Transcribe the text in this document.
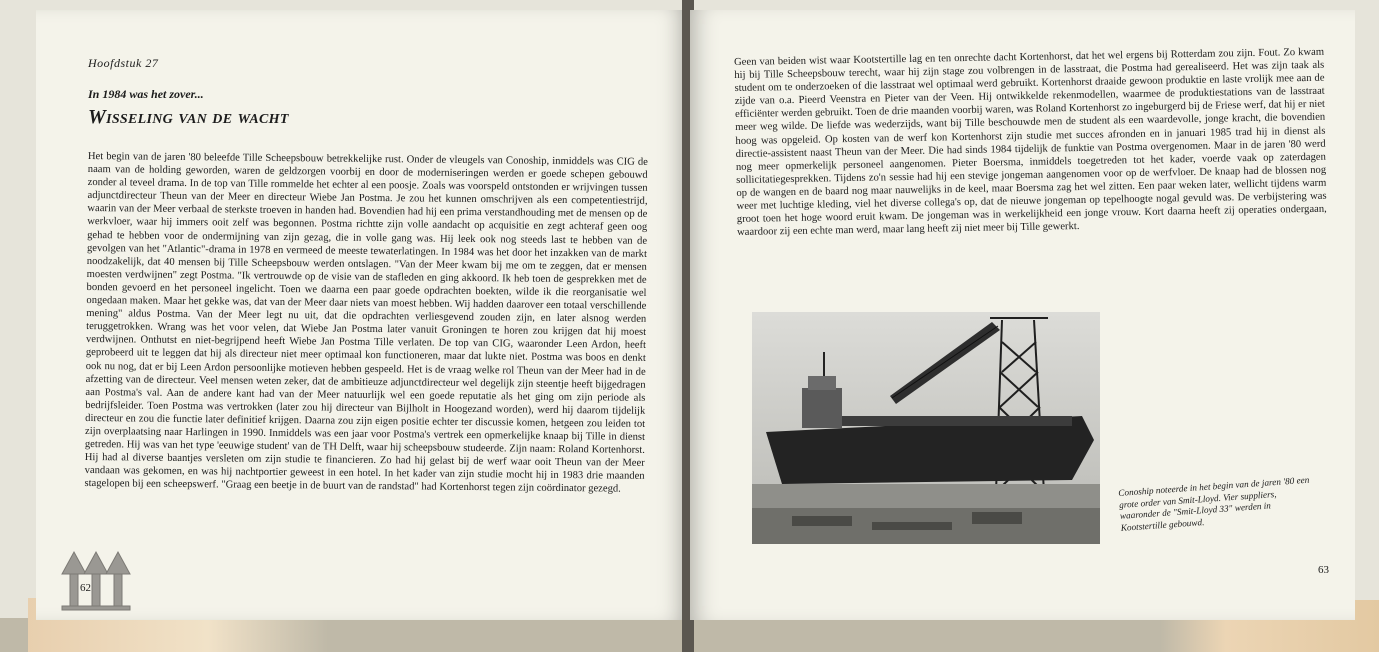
Hoofdstuk 27
In 1984 was het zover...
Wisseling van de wacht

Het begin van de jaren '80 beleefde Tille Scheepsbouw betrekkelijke rust. Onder de vleugels van Conoship, inmiddels was CIG de naam van de holding geworden, waren de geldzorgen voorbij en door de moderniseringen werden er goede schepen gebouwd zonder al teveel drama. In de top van Tille rommelde het echter al een poosje. Zoals was voorspeld ontstonden er wrijvingen tussen adjunctdirecteur Theun van der Meer en directeur Wiebe Jan Postma. Je zou het kunnen omschrijven als een competentiestrijd, waarin van der Meer verbaal de sterkste troeven in handen had. Bovendien had hij een prima verstandhouding met de mensen op de werkvloer, waar hij immers ooit zelf was begonnen. Postma richtte zijn volle aandacht op acquisitie en zegt achteraf geen oog gehad te hebben voor de ondermijning van zijn gezag, die in volle gang was. Hij leek ook nog steeds last te hebben van de gevolgen van het "Atlantic"-drama in 1978 en vermeed de meeste tewaterlatingen. In 1984 was het door het inzakken van de markt noodzakelijk, dat 40 mensen bij Tille Scheepsbouw werden ontslagen. "Van der Meer kwam bij me om te zeggen, dat er mensen moesten verdwijnen" zegt Postma. "Ik vertrouwde op de visie van de stafleden en ging akkoord. Ik heb toen de gesprekken met de bonden gevoerd en het personeel ingelicht. Toen we daarna een paar goede opdrachten boekten, wilde ik die reorganisatie wel ongedaan maken. Maar het gekke was, dat van der Meer daar niets van moest hebben. Wij hadden daarover een totaal verschillende mening" aldus Postma. Van der Meer legt nu uit, dat die opdrachten verliesgevend zouden zijn, en later alsnog werden teruggetrokken. Wrang was het voor velen, dat Wiebe Jan Postma later vanuit Groningen te horen zou krijgen dat hij moest verdwijnen. Onthutst en niet-begrijpend heeft Wiebe Jan Postma Tille verlaten. De top van CIG, waaronder Leen Ardon, heeft geprobeerd uit te leggen dat hij als directeur niet meer optimaal kon functioneren, maar dat lukte niet. Postma was boos en denkt ook nu nog, dat er bij Leen Ardon persoonlijke motieven hebben gespeeld. Het is de vraag welke rol Theun van der Meer had in de afzetting van de directeur. Veel mensen weten zeker, dat de ambitieuze adjunctdirecteur wel degelijk zijn steentje heeft bijgedragen aan Postma's val. Aan de andere kant had van der Meer natuurlijk wel een goede reputatie als het ging om zijn periode als bedrijfsleider. Toen Postma was vertrokken (later zou hij directeur van Bijlholt in Hoogezand worden), werd hij daarom tijdelijk directeur en zou die functie later definitief krijgen. Daarna zou zijn eigen positie echter ter discussie komen, hetgeen zou leiden tot zijn overplaatsing naar Harlingen in 1990. Inmiddels was een jaar voor Postma's vertrek een opmerkelijke knaap bij Tille in dienst getreden. Hij was van het type 'eeuwige student' van de TH Delft, waar hij scheepsbouw studeerde. Zijn naam: Roland Kortenhorst. Hij had al diverse baantjes versleten om zijn studie te financieren. Zo had hij gelast bij de werf waar ooit Theun van der Meer vandaan was gekomen, en was hij nachtportier geweest in een hotel. In het kader van zijn studie mocht hij in 1983 drie maanden stagelopen bij een scheepswerf. "Graag een beetje in de buurt van de randstad" had Kortenhorst tegen zijn coördinator gezegd.

62

Geen van beiden wist waar Kootstertille lag en ten onrechte dacht Kortenhorst, dat het wel ergens bij Rotterdam zou zijn. Fout. Zo kwam hij bij Tille Scheepsbouw terecht, waar hij zijn stage zou volbrengen in de lasstraat, die Postma had gerealiseerd. Het was zijn taak als student om te onderzoeken of die lasstraat wel optimaal werd gebruikt. Kortenhorst draaide gewoon produktie en laste vrolijk mee aan de zijde van o.a. Pieerd Veenstra en Pieter van der Veen. Hij ontwikkelde rekenmodellen, waarmee de produktiestations van de lasstraat efficiënter werden gebruikt. Toen de drie maanden voorbij waren, was Roland Kortenhorst zo ingeburgerd bij de Friese werf, dat hij er niet meer weg wilde. De liefde was wederzijds, want bij Tille beschouwde men de student als een waardevolle, jonge kracht, die bovendien hoog was opgeleid. Op kosten van de werf kon Kortenhorst zijn studie met succes afronden en in januari 1985 trad hij in dienst als directie-assistent naast Theun van der Meer. Die had sinds 1984 tijdelijk de funktie van Postma overgenomen. Maar in de jaren '80 werd nog meer opmerkelijk personeel aangenomen. Pieter Boersma, inmiddels toegetreden tot het kader, voerde vaak op zaterdagen sollicitatiegesprekken. Tijdens zo'n sessie had hij een stevige jongeman aangenomen voor op de werfvloer. De knaap had de blossen nog op de wangen en de baard nog maar nauwelijks in de keel, maar Boersma zag het wel zitten. Een paar weken later, wellicht tijdens warm weer met luchtige kleding, viel het diverse collega's op, dat de nieuwe jongeman op tepelhoogte nogal gevuld was. De verbijstering was groot toen het hoge woord eruit kwam. De jongeman was in werkelijkheid een jonge vrouw. Kort daarna heeft zij operaties ondergaan, waardoor zij een echte man werd, maar lang heeft zij niet meer bij Tille gewerkt.

Conoship noteerde in het begin van de jaren '80 een grote order van Smit-Lloyd. Vier suppliers, waaronder de "Smit-Lloyd 33" werden in Kootstertille gebouwd.
63
